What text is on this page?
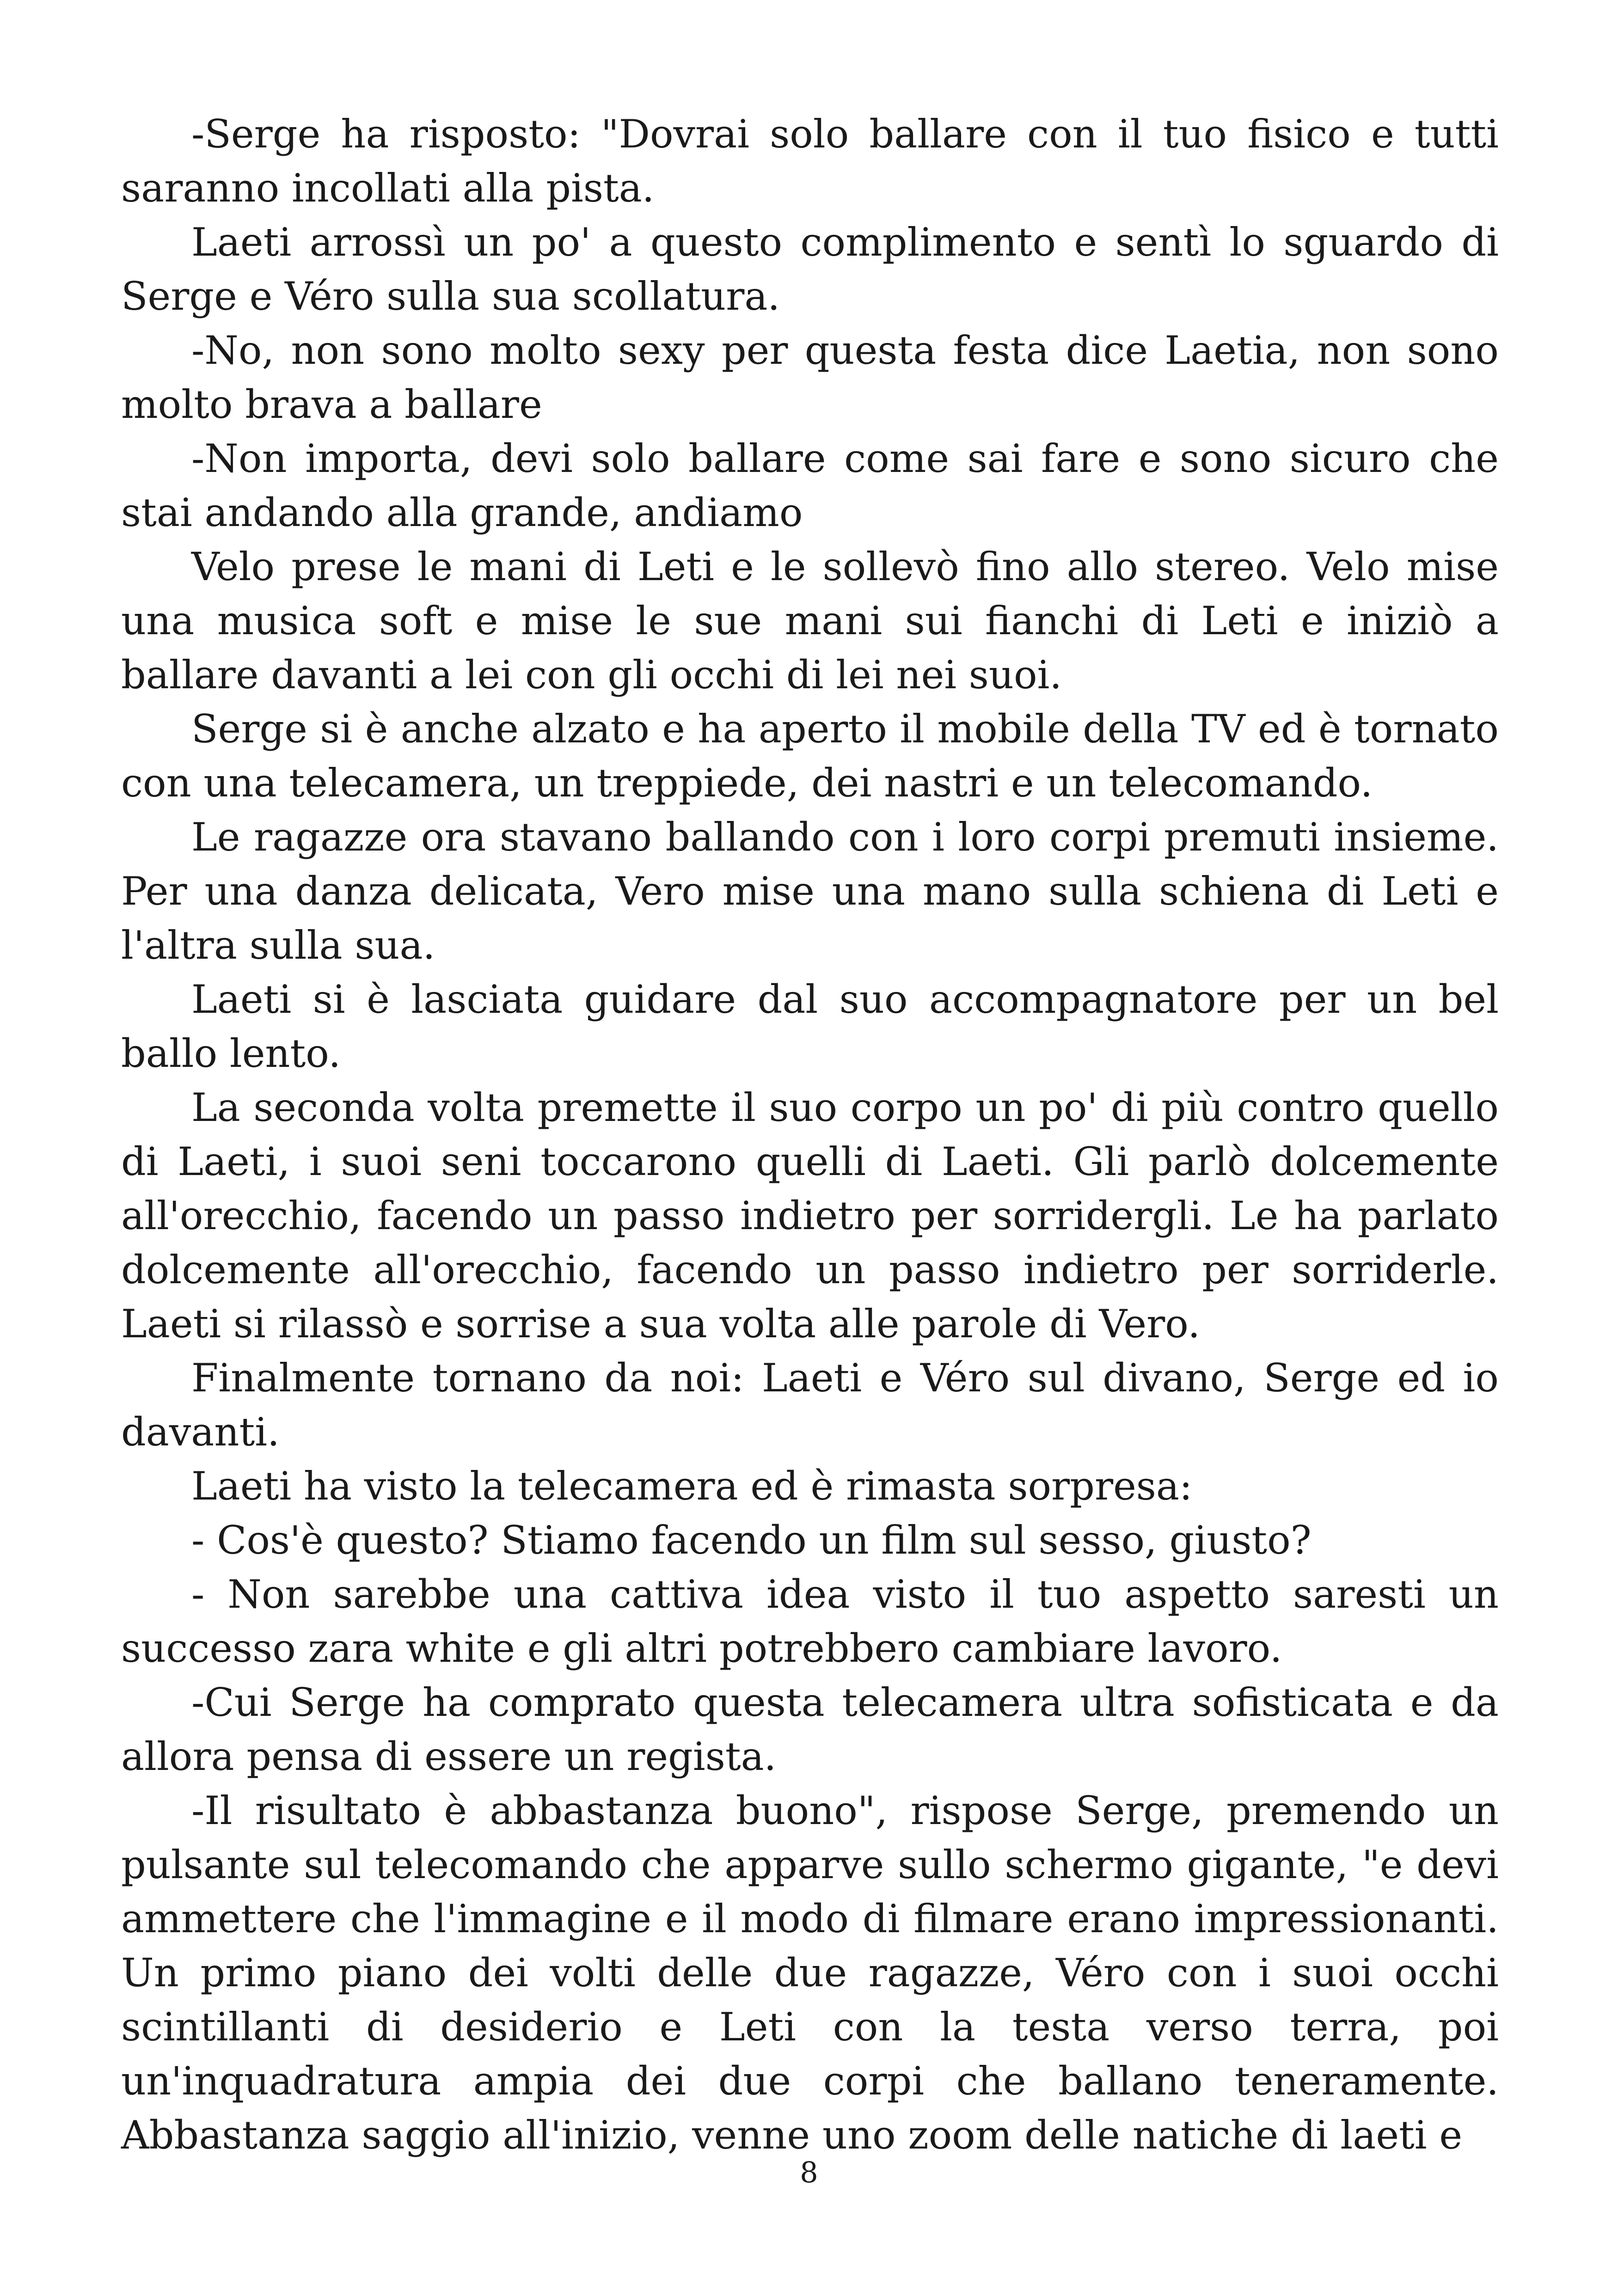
-Serge ha risposto: "Dovrai solo ballare con il tuo fisico e tutti saranno incollati alla pista.

Laeti arrossì un po' a questo complimento e sentì lo sguardo di Serge e Véro sulla sua scollatura.

-No, non sono molto sexy per questa festa dice Laetia, non sono molto brava a ballare

-Non importa, devi solo ballare come sai fare e sono sicuro che stai andando alla grande, andiamo

Velo prese le mani di Leti e le sollevò fino allo stereo. Velo mise una musica soft e mise le sue mani sui fianchi di Leti e iniziò a ballare davanti a lei con gli occhi di lei nei suoi.

Serge si è anche alzato e ha aperto il mobile della TV ed è tornato con una telecamera, un treppiede, dei nastri e un telecomando.

Le ragazze ora stavano ballando con i loro corpi premuti insieme. Per una danza delicata, Vero mise una mano sulla schiena di Leti e l'altra sulla sua.

Laeti si è lasciata guidare dal suo accompagnatore per un bel ballo lento.

La seconda volta premette il suo corpo un po' di più contro quello di Laeti, i suoi seni toccarono quelli di Laeti. Gli parlò dolcemente all'orecchio, facendo un passo indietro per sorridergli. Le ha parlato dolcemente all'orecchio, facendo un passo indietro per sorriderle. Laeti si rilassò e sorrise a sua volta alle parole di Vero.

Finalmente tornano da noi: Laeti e Véro sul divano, Serge ed io davanti.

Laeti ha visto la telecamera ed è rimasta sorpresa:

- Cos'è questo? Stiamo facendo un film sul sesso, giusto?

- Non sarebbe una cattiva idea visto il tuo aspetto saresti un successo zara white e gli altri potrebbero cambiare lavoro.

-Cui Serge ha comprato questa telecamera ultra sofisticata e da allora pensa di essere un regista.

-Il risultato è abbastanza buono", rispose Serge, premendo un pulsante sul telecomando che apparve sullo schermo gigante, "e devi ammettere che l'immagine e il modo di filmare erano impressionanti. Un primo piano dei volti delle due ragazze, Véro con i suoi occhi scintillanti di desiderio e Leti con la testa verso terra, poi un'inquadratura ampia dei due corpi che ballano teneramente. Abbastanza saggio all'inizio, venne uno zoom delle natiche di laeti e

8
